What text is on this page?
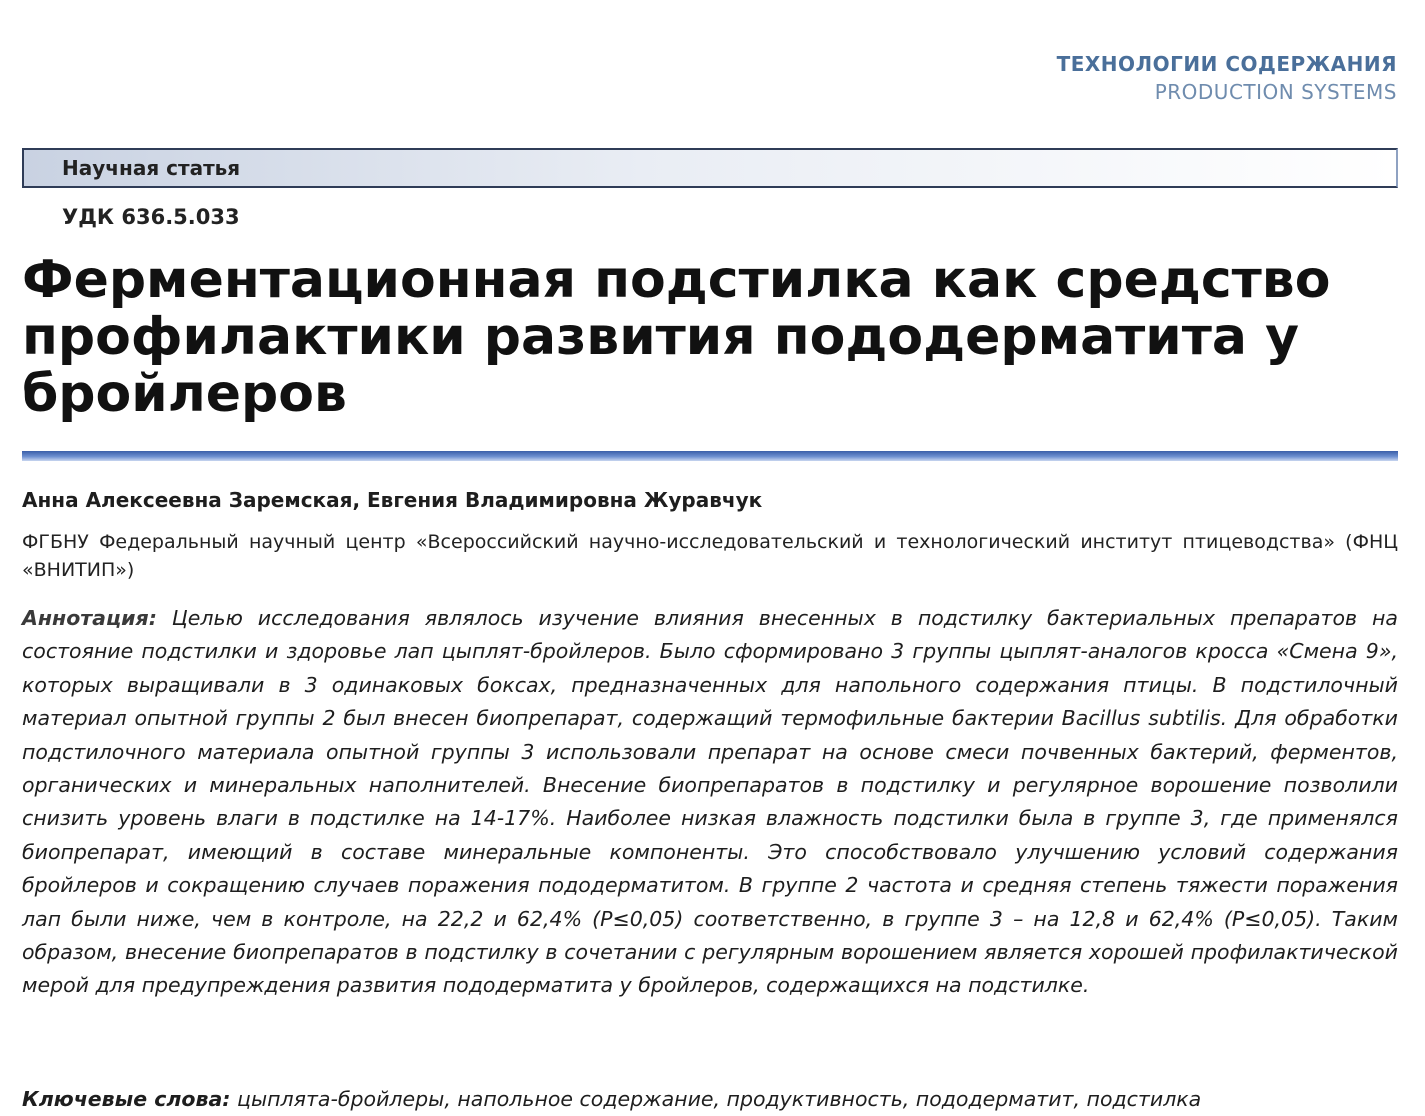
ТЕХНОЛОГИИ СОДЕРЖАНИЯ
PRODUCTION SYSTEMS
Научная статья
УДК 636.5.033
Ферментационная подстилка как средство профилактики развития пододерматита у бройлеров
Анна Алексеевна Заремская, Евгения Владимировна Журавчук
ФГБНУ Федеральный научный центр «Всероссийский научно-исследовательский и технологический институт птицеводства» (ФНЦ «ВНИТИП»)
Аннотация: Целью исследования являлось изучение влияния внесенных в подстилку бактериальных препаратов на состояние подстилки и здоровье лап цыплят-бройлеров. Было сформировано 3 группы цыплят-аналогов кросса «Смена 9», которых выращивали в 3 одинаковых боксах, предназначенных для напольного содержания птицы. В подстилочный материал опытной группы 2 был внесен биопрепарат, содержащий термофильные бактерии Bacillus subtilis. Для обработки подстилочного материала опытной группы 3 использовали препарат на основе смеси почвенных бактерий, ферментов, органических и минеральных наполнителей. Внесение биопрепаратов в подстилку и регулярное ворошение позволили снизить уровень влаги в подстилке на 14-17%. Наиболее низкая влажность подстилки была в группе 3, где применялся биопрепарат, имеющий в составе минеральные компоненты. Это способствовало улучшению условий содержания бройлеров и сокращению случаев поражения пододерматитом. В группе 2 частота и средняя степень тяжести поражения лап были ниже, чем в контроле, на 22,2 и 62,4% (P≤0,05) соответственно, в группе 3 – на 12,8 и 62,4% (P≤0,05). Таким образом, внесение биопрепаратов в подстилку в сочетании с регулярным ворошением является хорошей профилактической мерой для предупреждения развития пододерматита у бройлеров, содержащихся на подстилке.
Ключевые слова: цыплята-бройлеры, напольное содержание, продуктивность, пододерматит, подстилка
